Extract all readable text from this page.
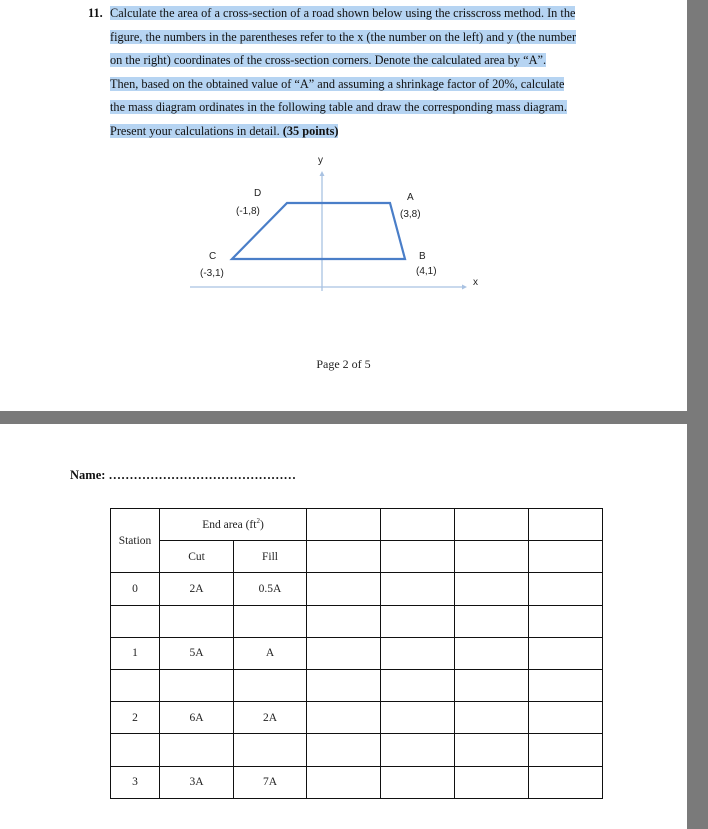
11. Calculate the area of a cross-section of a road shown below using the crisscross method. In the
figure, the numbers in the parentheses refer to the x (the number on the left) and y (the number
on the right) coordinates of the cross-section corners. Denote the calculated area by “A”.
Then, based on the obtained value of “A” and assuming a shrinkage factor of 20%, calculate
the mass diagram ordinates in the following table and draw the corresponding mass diagram.
Present your calculations in detail. (35 points)
y
x
D
(-1,8)
A
(3,8)
B
(4,1)
C
(-3,1)
Page 2 of 5
Name: ………………………………………
Station	End area $(ft^2)$					
	Cut	Fill				
0	2A	0.5A				

1	5A	A				

2	6A	2A				

3	3A	7A				
